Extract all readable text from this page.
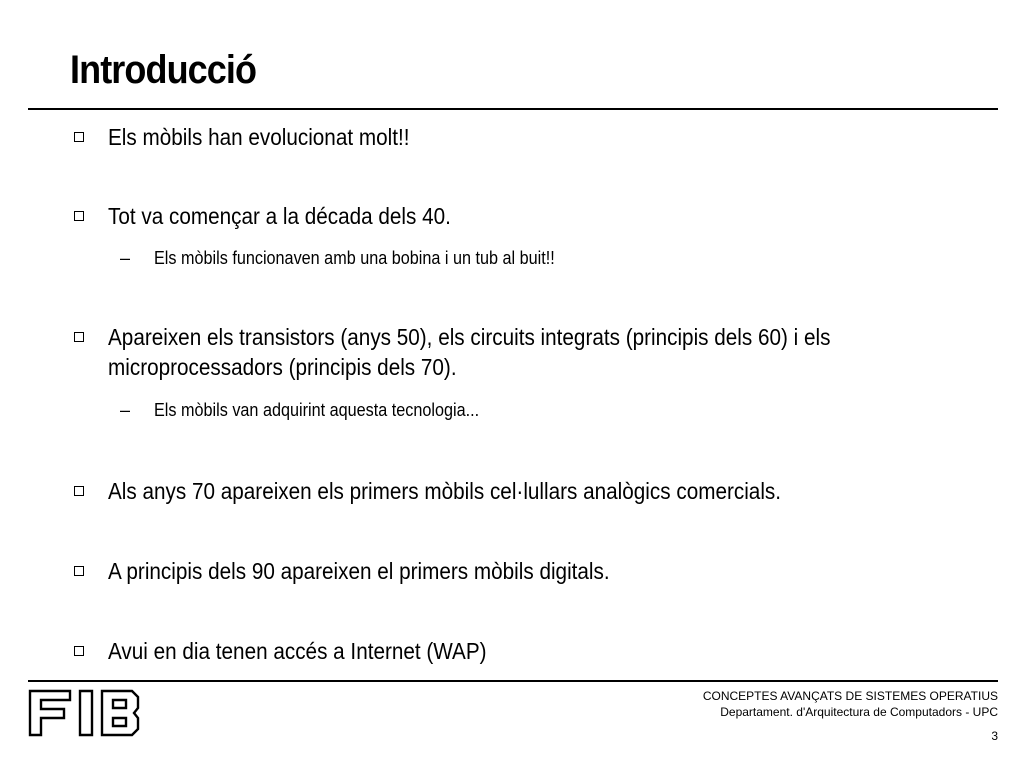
Introducció
Els mòbils han evolucionat molt!!
Tot va començar a la década dels 40.
– Els mòbils funcionaven amb una bobina i un tub al buit!!
Apareixen els transistors (anys 50), els circuits integrats (principis dels 60) i els microprocessadors (principis dels 70).
– Els mòbils van adquirint aquesta tecnologia...
Als anys 70 apareixen els primers mòbils cel·lullars analògics comercials.
A principis dels 90 apareixen el primers mòbils digitals.
Avui en dia tenen accés a Internet (WAP)
CONCEPTES AVANÇATS DE SISTEMES OPERATIUS
Departament. d'Arquitectura de Computadors - UPC
3
